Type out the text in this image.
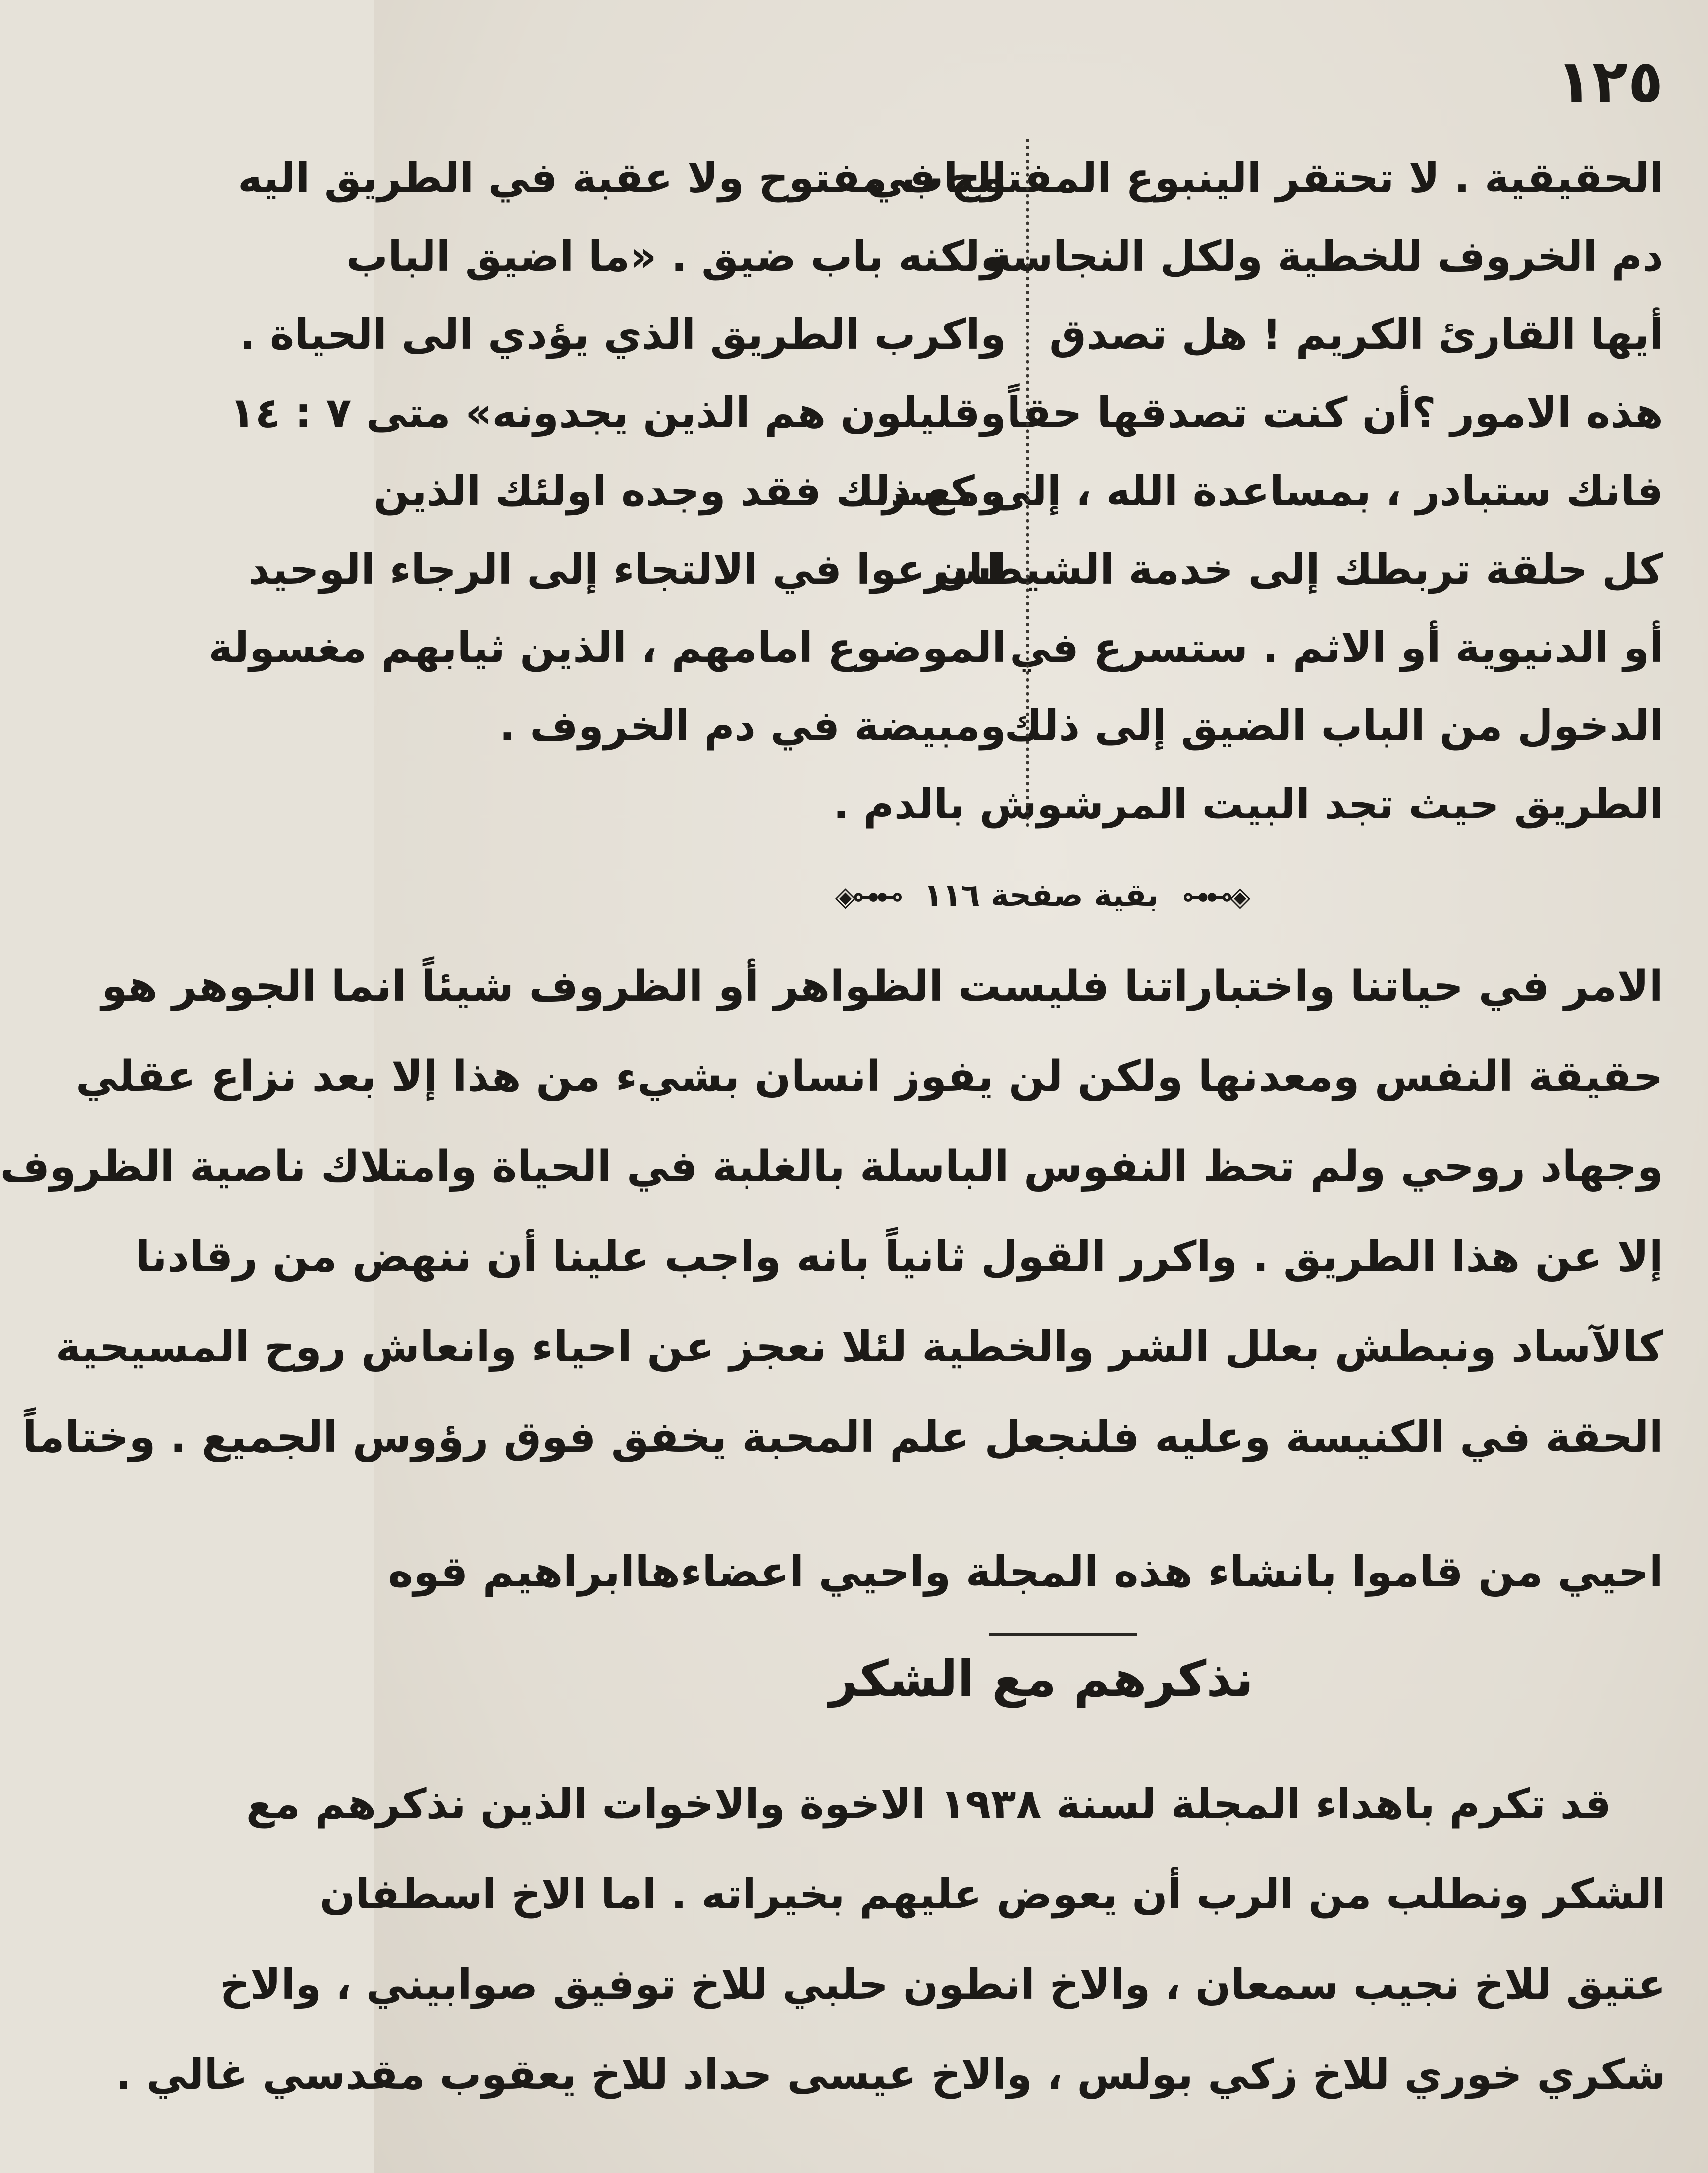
١٢٥
الحقيقية . لا تحتقر الينبوع المفتوح في
دم الخروف للخطية ولكل النجاسة
أيها القارئ الكريم ! هل تصدق
هذه الامور ؟أن كنت تصدقها حقاً
فانك ستبادر ، بمساعدة الله ، إلى كسر
كل حلقة تربطك إلى خدمة الشيطان
أو الدنيوية أو الاثم . ستسرع في
الدخول من الباب الضيق إلى ذلك
الطريق حيث تجد البيت المرشوش بالدم .
الباب مفتوح ولا عقبة في الطريق اليه
ولكنه باب ضيق . «ما اضيق الباب
واكرب الطريق الذي يؤدي الى الحياة .
وقليلون هم الذين يجدونه» متى ٧ : ١٤
ومع ذلك فقد وجده اولئك الذين
اسرعوا في الالتجاء إلى الرجاء الوحيد
الموضوع امامهم ، الذين ثيابهم مغسولة
ومبيضة في دم الخروف .
◈⊶⊷ بقية صفحة ١١٦ ⊶⊷◈
الامر في حياتنا واختباراتنا فليست الظواهر أو الظروف شيئاً انما الجوهر هو
حقيقة النفس ومعدنها ولكن لن يفوز انسان بشيء من هذا إلا بعد نزاع عقلي
وجهاد روحي ولم تحظ النفوس الباسلة بالغلبة في الحياة وامتلاك ناصية الظروف
إلا عن هذا الطريق . واكرر القول ثانياً بانه واجب علينا أن ننهض من رقادنا
كالآساد ونبطش بعلل الشر والخطية لئلا نعجز عن احياء وانعاش روح المسيحية
الحقة في الكنيسة وعليه فلنجعل علم المحبة يخفق فوق رؤوس الجميع . وختاماً
احيي من قاموا بانشاء هذه المجلة واحيي اعضاءها
ابراهيم قوه
نذكرهم مع الشكر
قد تكرم باهداء المجلة لسنة ١٩٣٨ الاخوة والاخوات الذين نذكرهم مع
الشكر ونطلب من الرب أن يعوض عليهم بخيراته . اما الاخ اسطفان
عتيق للاخ نجيب سمعان ، والاخ انطون حلبي للاخ توفيق صوابيني ، والاخ
شكري خوري للاخ زكي بولس ، والاخ عيسى حداد للاخ يعقوب مقدسي غالي .
